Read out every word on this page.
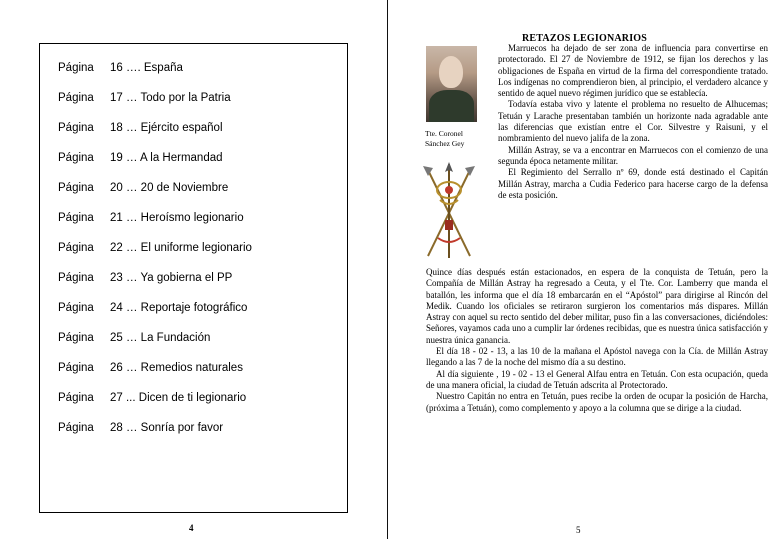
Página	16 …. España
Página	17 … Todo por la Patria
Página	18 … Ejército español
Página	19 … A la Hermandad
Página	20 … 20 de Noviembre
Página	21 … Heroísmo legionario
Página	22 … El uniforme legionario
Página	23 … Ya gobierna el PP
Página	24 … Reportaje fotográfico
Página	25 … La Fundación
Página	26 … Remedios naturales
Página	27 ... Dicen de ti legionario
Página	28 … Sonría por favor
4
RETAZOS LEGIONARIOS
Tte. Coronel
Sánchez Gey

Marruecos ha dejado de ser zona de influencia para convertirse en protectorado. El 27 de Noviembre de 1912, se fijan los derechos y las obligaciones de España en virtud de la firma del correspondiente tratado. Los indígenas no comprendieron bien, al principio, el verdadero alcance y sentido de aquel nuevo régimen jurídico que se establecía.

Todavía estaba vivo y latente el problema no resuelto de Alhucemas; Tetuán y Larache presentaban también un horizonte nada agradable ante las diferencias que existían entre el Cor. Silvestre y Raisuni, y el nombramiento del nuevo jalifa de la zona.

Millán Astray, se va a encontrar en Marruecos con el comienzo de una segunda época netamente militar.

El Regimiento del Serrallo nº 69, donde está destinado el Capitán Millán Astray, marcha a Cudia Federico para hacerse cargo de la defensa de esta posición.

Quince días después están estacionados, en espera de la conquista de Tetuán, pero la Compañía de Millán Astray ha regresado a Ceuta, y el Tte. Cor. Lamberry que manda el batallón, les informa que el día 18 embarcarán en el “Apóstol” para dirigirse al Rincón del Medik. Cuando los oficiales se retiraron surgieron los comentarios más dispares. Millán Astray con aquel su recto sentido del deber militar, puso fin a las conversaciones, diciéndoles: Señores, vayamos cada uno a cumplir lar órdenes recibidas, que es nuestra única satisfacción y nuestra única ganancia.

El día 18 - 02 - 13, a las 10 de la mañana el Apóstol navega con la Cía. de Millán Astray llegando a las 7 de la noche del mismo día a su destino.

Al día siguiente , 19 - 02 - 13 el General Alfau entra en Tetuán. Con esta ocupación, queda de una manera oficial, la ciudad de Tetuán adscrita al Protectorado.

Nuestro Capitán no entra en Tetuán, pues recibe la orden de ocupar la posición de Harcha, (próxima a Tetuán), como complemento y apoyo a la columna que se dirige a la ciudad.

5
